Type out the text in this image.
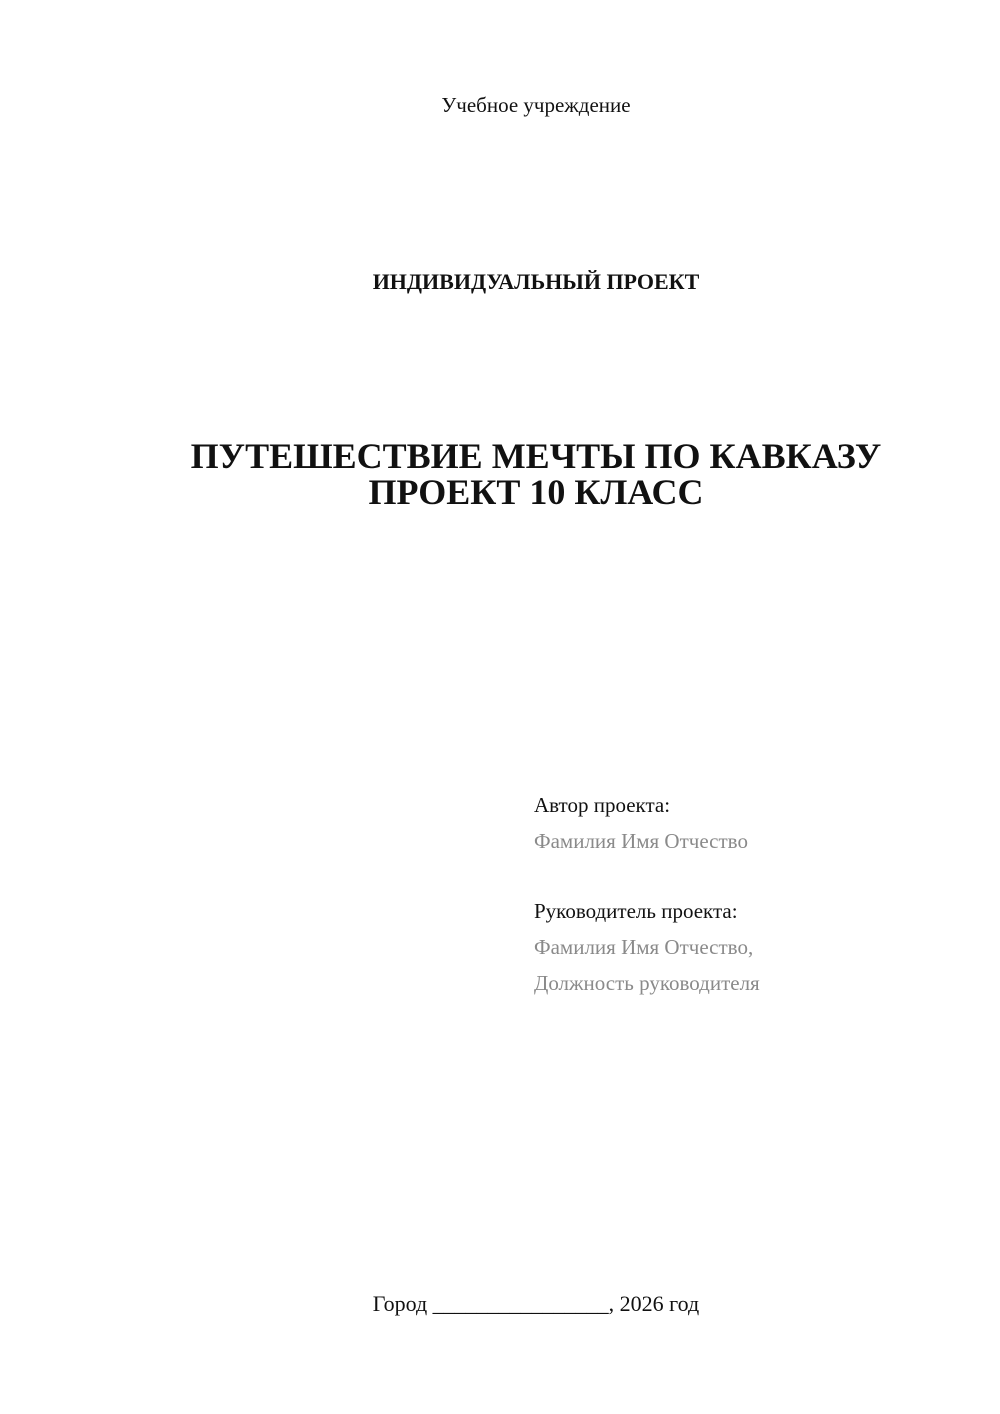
Учебное учреждение
ИНДИВИДУАЛЬНЫЙ ПРОЕКТ
ПУТЕШЕСТВИЕ МЕЧТЫ ПО КАВКАЗУ
ПРОЕКТ 10 КЛАСС
Автор проекта:
Фамилия Имя Отчество
Руководитель проекта:
Фамилия Имя Отчество,
Должность руководителя
Город ________________, 2026 год
